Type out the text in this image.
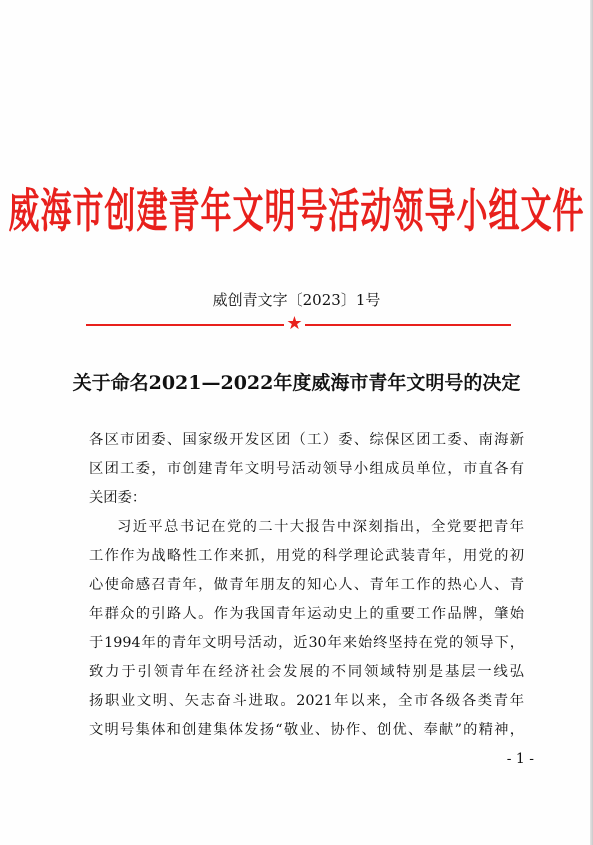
威海市创建青年文明号活动领导小组文件
威创青文字〔2023〕1号
★
关于命名2021—2022年度威海市青年文明号的决定
各区市团委、国家级开发区团（工）委、综保区团工委、南海新
区团工委，市创建青年文明号活动领导小组成员单位，市直各有
关团委：
习近平总书记在党的二十大报告中深刻指出，全党要把青年
工作作为战略性工作来抓，用党的科学理论武装青年，用党的初
心使命感召青年，做青年朋友的知心人、青年工作的热心人、青
年群众的引路人。作为我国青年运动史上的重要工作品牌，肇始
于1994年的青年文明号活动，近30年来始终坚持在党的领导下，
致力于引领青年在经济社会发展的不同领域特别是基层一线弘
扬职业文明、矢志奋斗进取。2021年以来，全市各级各类青年
文明号集体和创建集体发扬“敬业、协作、创优、奉献”的精神，
- 1 -
